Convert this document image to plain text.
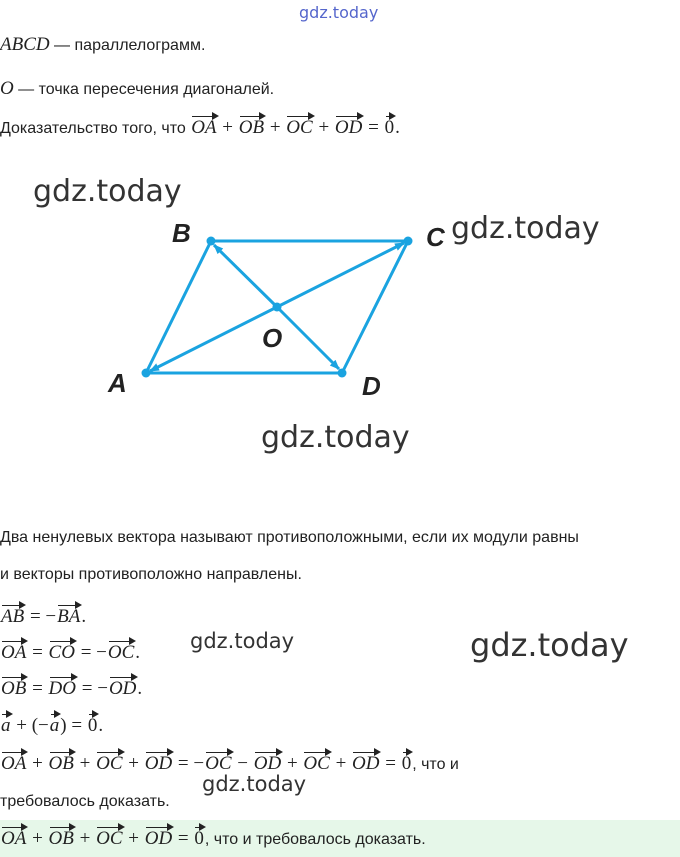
gdz.today
ABCD — параллелограмм.
O — точка пересечения диагоналей.
Доказательство того, что OA + OB + OC + OD = 0.
A
B	C
D
O
gdz.today
gdz.today
gdz.today
Два ненулевых вектора называют противоположными, если их модули равны
и векторы противоположно направлены.
AB = −BA.
OA = CO = −OC.
OB = DO = −OD.
a + (−a) = 0.
gdz.today	gdz.today
OA + OB + OC + OD = −OC − OD + OC + OD = 0, что и
gdz.today
требовалось доказать.
OA + OB + OC + OD = 0, что и требовалось доказать.
